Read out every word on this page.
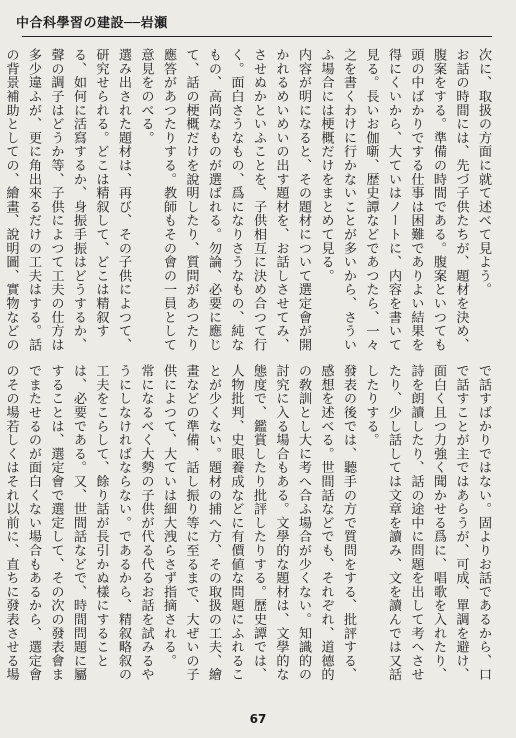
中合科學習の建設──岩瀬

次に、取扱の方面に就て述べて見よう。

お話の時間には、先づ子供たちが、題材を決め、腹案をする。準備の時間である。腹案といつても頭の中ばかりでする仕事は困難でありよい結果を得にくいから、大ていはノートに、内容を書いて見る。長いお伽噺、歴史譚などであつたら、一々之を書くわけに行かないことが多いから、さういふ場合には梗概だけをまとめて見る。

内容が明になると、その題材について選定會が開かれるめいめいの出す題材を、お話しさせてみ、させぬかといふことを、子供相互に決め合つて行く。面白さうなもの、爲になりさうなもの、純なもの、高尚なものが選ばれる。勿論、必要に應じて、話の梗概だけを說明したり、質問があつたり應答があつたりする。教師もその會の一員として意見をのべる。

選み出された題材は、再び、その子供によつて、研究せられる。どこは精叙して、どこは精叙する、如何に活寫するか、身振手振はどうするか、聲の調子はどうか等、子供によつて工夫の仕方は多少違ふが、更に角出來るだけの工夫はする。話の背景補助としての、繪畫、說明圖、實物などの

で話すばかりではない。固よりお話であるから、口で話すことが主ではあらうが、可成、單調を避け、面白く且つ力強く聞かせる爲に、唱歌を入れたり、詩を朗讀したり、話の途中に問題を出して考へさせたり、少し話しては文章を讀み、文を讀んでは又話したりする。

發表の後では、聽手の方で質問をする、批評する、感想を述べる。世間話などでも、それぞれ、道德的の敎訓とし大に考へ合ふ場合が少くない。知識的の討究に入る場合もある。文學的な題材は、文學的な態度で、鑑賞したり批評したりする。歷史譚では、人物批判、史眼養成などに有價値な問題にふれることが少くない。題材の捕へ方、その取扱の工夫、繪畫などの準備、話し振り等に至るまで、大ぜいの子供によつて、大ていは細大洩らさず指摘される。

常になるべく大勢の子供が代る代るお話を試みるやうにしなければならない。であるから、精叙略叙の工夫をこらして、餘り話が長引かぬ樣にすることは、必要である。又、世間話などで、時間問題に屬することは、選定會で選定して、その次の發表會までまたせるのが面白くない場合もあるから、選定會のその場若しくはそれ以前に、直ちに發表させる場

67
